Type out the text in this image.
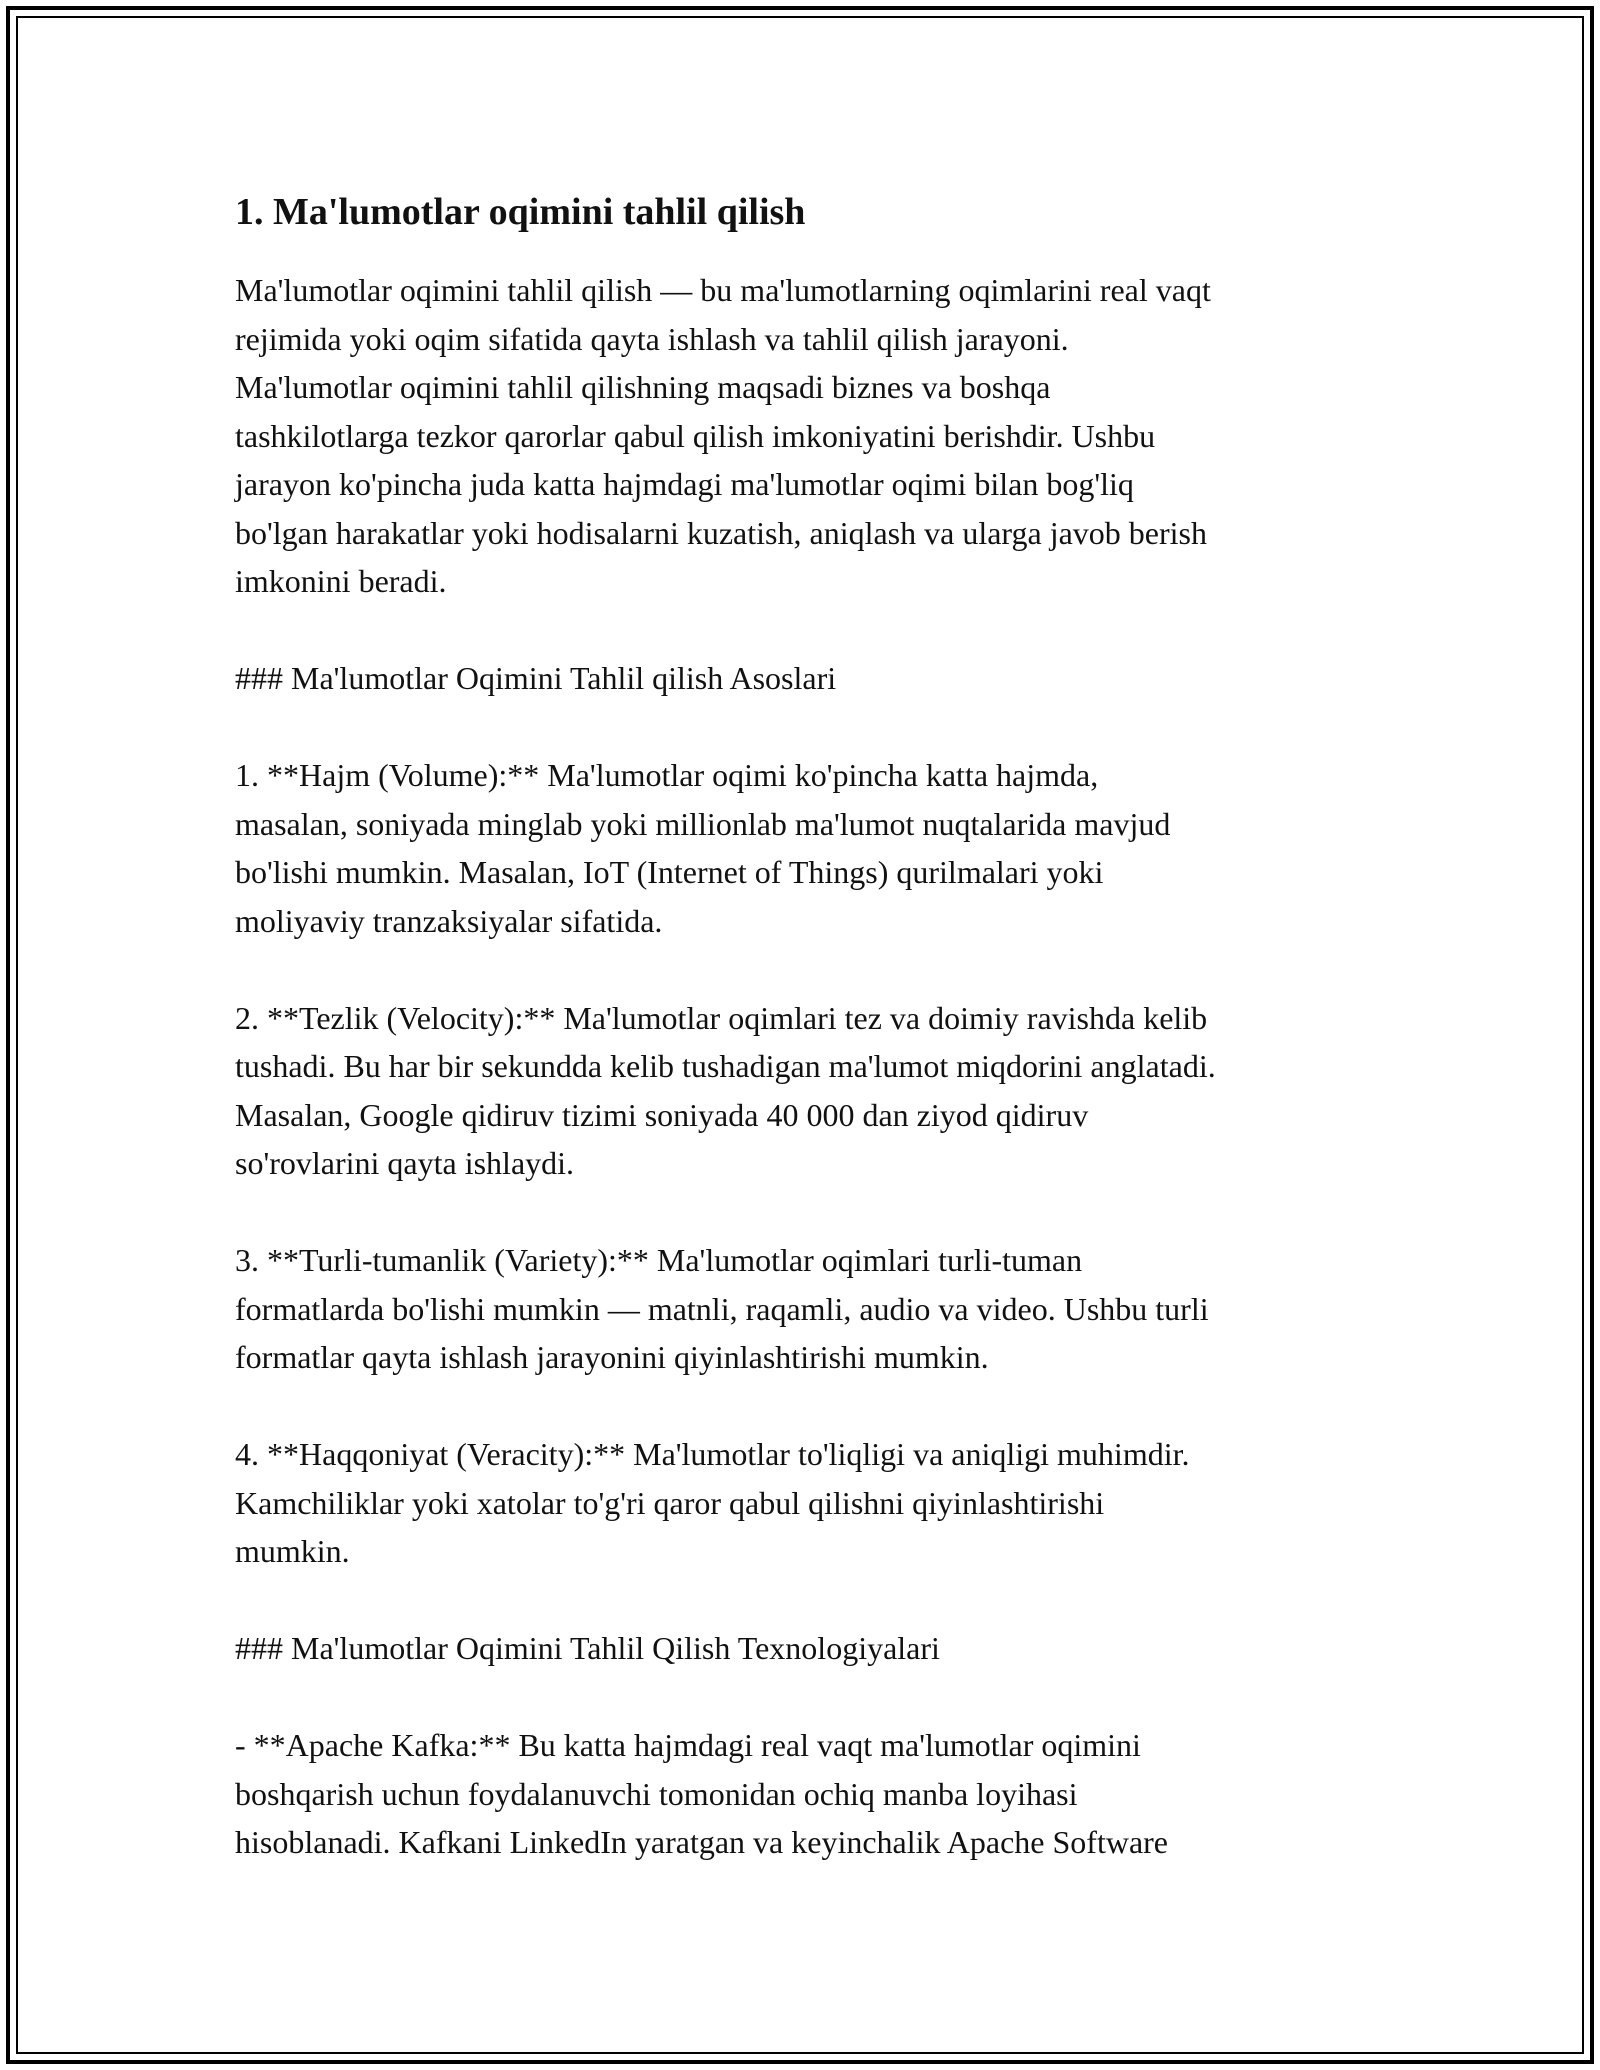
1. Ma'lumotlar oqimini tahlil qilish

Ma'lumotlar oqimini tahlil qilish — bu ma'lumotlarning oqimlarini real vaqt
rejimida yoki oqim sifatida qayta ishlash va tahlil qilish jarayoni.
Ma'lumotlar oqimini tahlil qilishning maqsadi biznes va boshqa
tashkilotlarga tezkor qarorlar qabul qilish imkoniyatini berishdir. Ushbu
jarayon ko'pincha juda katta hajmdagi ma'lumotlar oqimi bilan bog'liq
bo'lgan harakatlar yoki hodisalarni kuzatish, aniqlash va ularga javob berish
imkonini beradi.

### Ma'lumotlar Oqimini Tahlil qilish Asoslari

1. **Hajm (Volume):** Ma'lumotlar oqimi ko'pincha katta hajmda,
masalan, soniyada minglab yoki millionlab ma'lumot nuqtalarida mavjud
bo'lishi mumkin. Masalan, IoT (Internet of Things) qurilmalari yoki
moliyaviy tranzaksiyalar sifatida.

2. **Tezlik (Velocity):** Ma'lumotlar oqimlari tez va doimiy ravishda kelib
tushadi. Bu har bir sekundda kelib tushadigan ma'lumot miqdorini anglatadi.
Masalan, Google qidiruv tizimi soniyada 40 000 dan ziyod qidiruv
so'rovlarini qayta ishlaydi.

3. **Turli-tumanlik (Variety):** Ma'lumotlar oqimlari turli-tuman
formatlarda bo'lishi mumkin — matnli, raqamli, audio va video. Ushbu turli
formatlar qayta ishlash jarayonini qiyinlashtirishi mumkin.

4. **Haqqoniyat (Veracity):** Ma'lumotlar to'liqligi va aniqligi muhimdir.
Kamchiliklar yoki xatolar to'g'ri qaror qabul qilishni qiyinlashtirishi
mumkin.

### Ma'lumotlar Oqimini Tahlil Qilish Texnologiyalari

- **Apache Kafka:** Bu katta hajmdagi real vaqt ma'lumotlar oqimini
boshqarish uchun foydalanuvchi tomonidan ochiq manba loyihasi
hisoblanadi. Kafkani LinkedIn yaratgan va keyinchalik Apache Software
